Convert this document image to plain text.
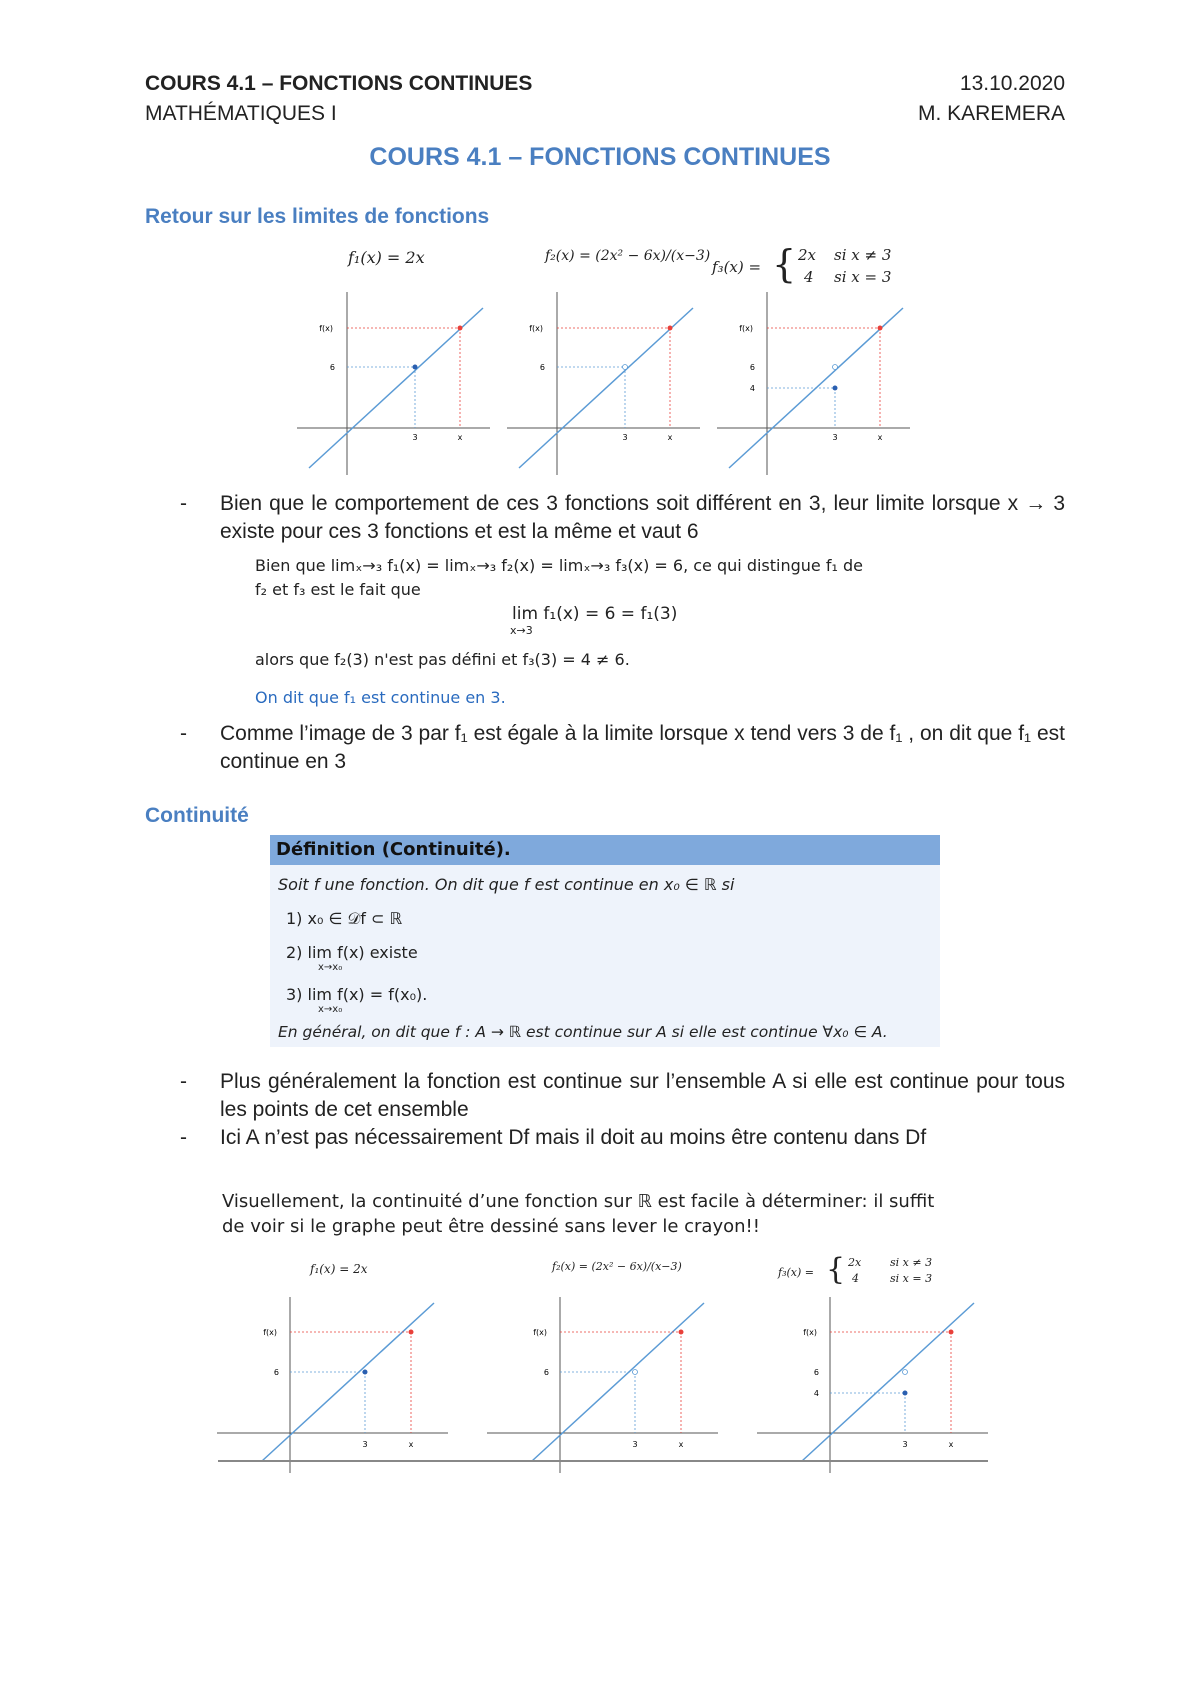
COURS 4.1 – FONCTIONS CONTINUES	13.10.2020
MATHÉMATIQUES I	M. KAREMERA
COURS 4.1 – FONCTIONS CONTINUES
Retour sur les limites de fonctions
f₁(x) = 2x	f₂(x) = (2x² − 6x)/(x−3)
f₃(x) = { 2x si x ≠ 3
4 si x = 3
f(x)
6
3	x
f(x)
6
3	x
f(x)
6
4
3	x
- Bien que le comportement de ces 3 fonctions soit différent en 3, leur limite lorsque x → 3 existe pour ces 3 fonctions et est la même et vaut 6
Bien que limₓ→₃ f₁(x) = limₓ→₃ f₂(x) = limₓ→₃ f₃(x) = 6, ce qui distingue f₁ de
f₂ et f₃ est le fait que
lim f₁(x) = 6 = f₁(3)
x→3
alors que f₂(3) n'est pas défini et f₃(3) = 4 ≠ 6.
On dit que f₁ est continue en 3.
- Comme l’image de 3 par f₁ est égale à la limite lorsque x tend vers 3 de f₁ , on dit que f₁ est continue en 3
Continuité
Définition (Continuité).
Soit f une fonction. On dit que f est continue en x₀ ∈ ℝ si
1) x₀ ∈ 𝒟f ⊂ ℝ
2) lim f(x) existe
x→x₀
3) lim f(x) = f(x₀).
x→x₀
En général, on dit que f : A → ℝ est continue sur A si elle est continue ∀x₀ ∈ A.
- Plus généralement la fonction est continue sur l’ensemble A si elle est continue pour tous les points de cet ensemble
- Ici A n’est pas nécessairement Df mais il doit au moins être contenu dans Df
Visuellement, la continuité d’une fonction sur ℝ est facile à déterminer: il suffit
de voir si le graphe peut être dessiné sans lever le crayon!!
f₁(x) = 2x	f₂(x) = (2x² − 6x)/(x−3)	f₃(x) = { 2x	si x ≠ 3
4	si x = 3
f(x)
6
3	x
f(x)
6
3	x
f(x)
6
4
3	x
